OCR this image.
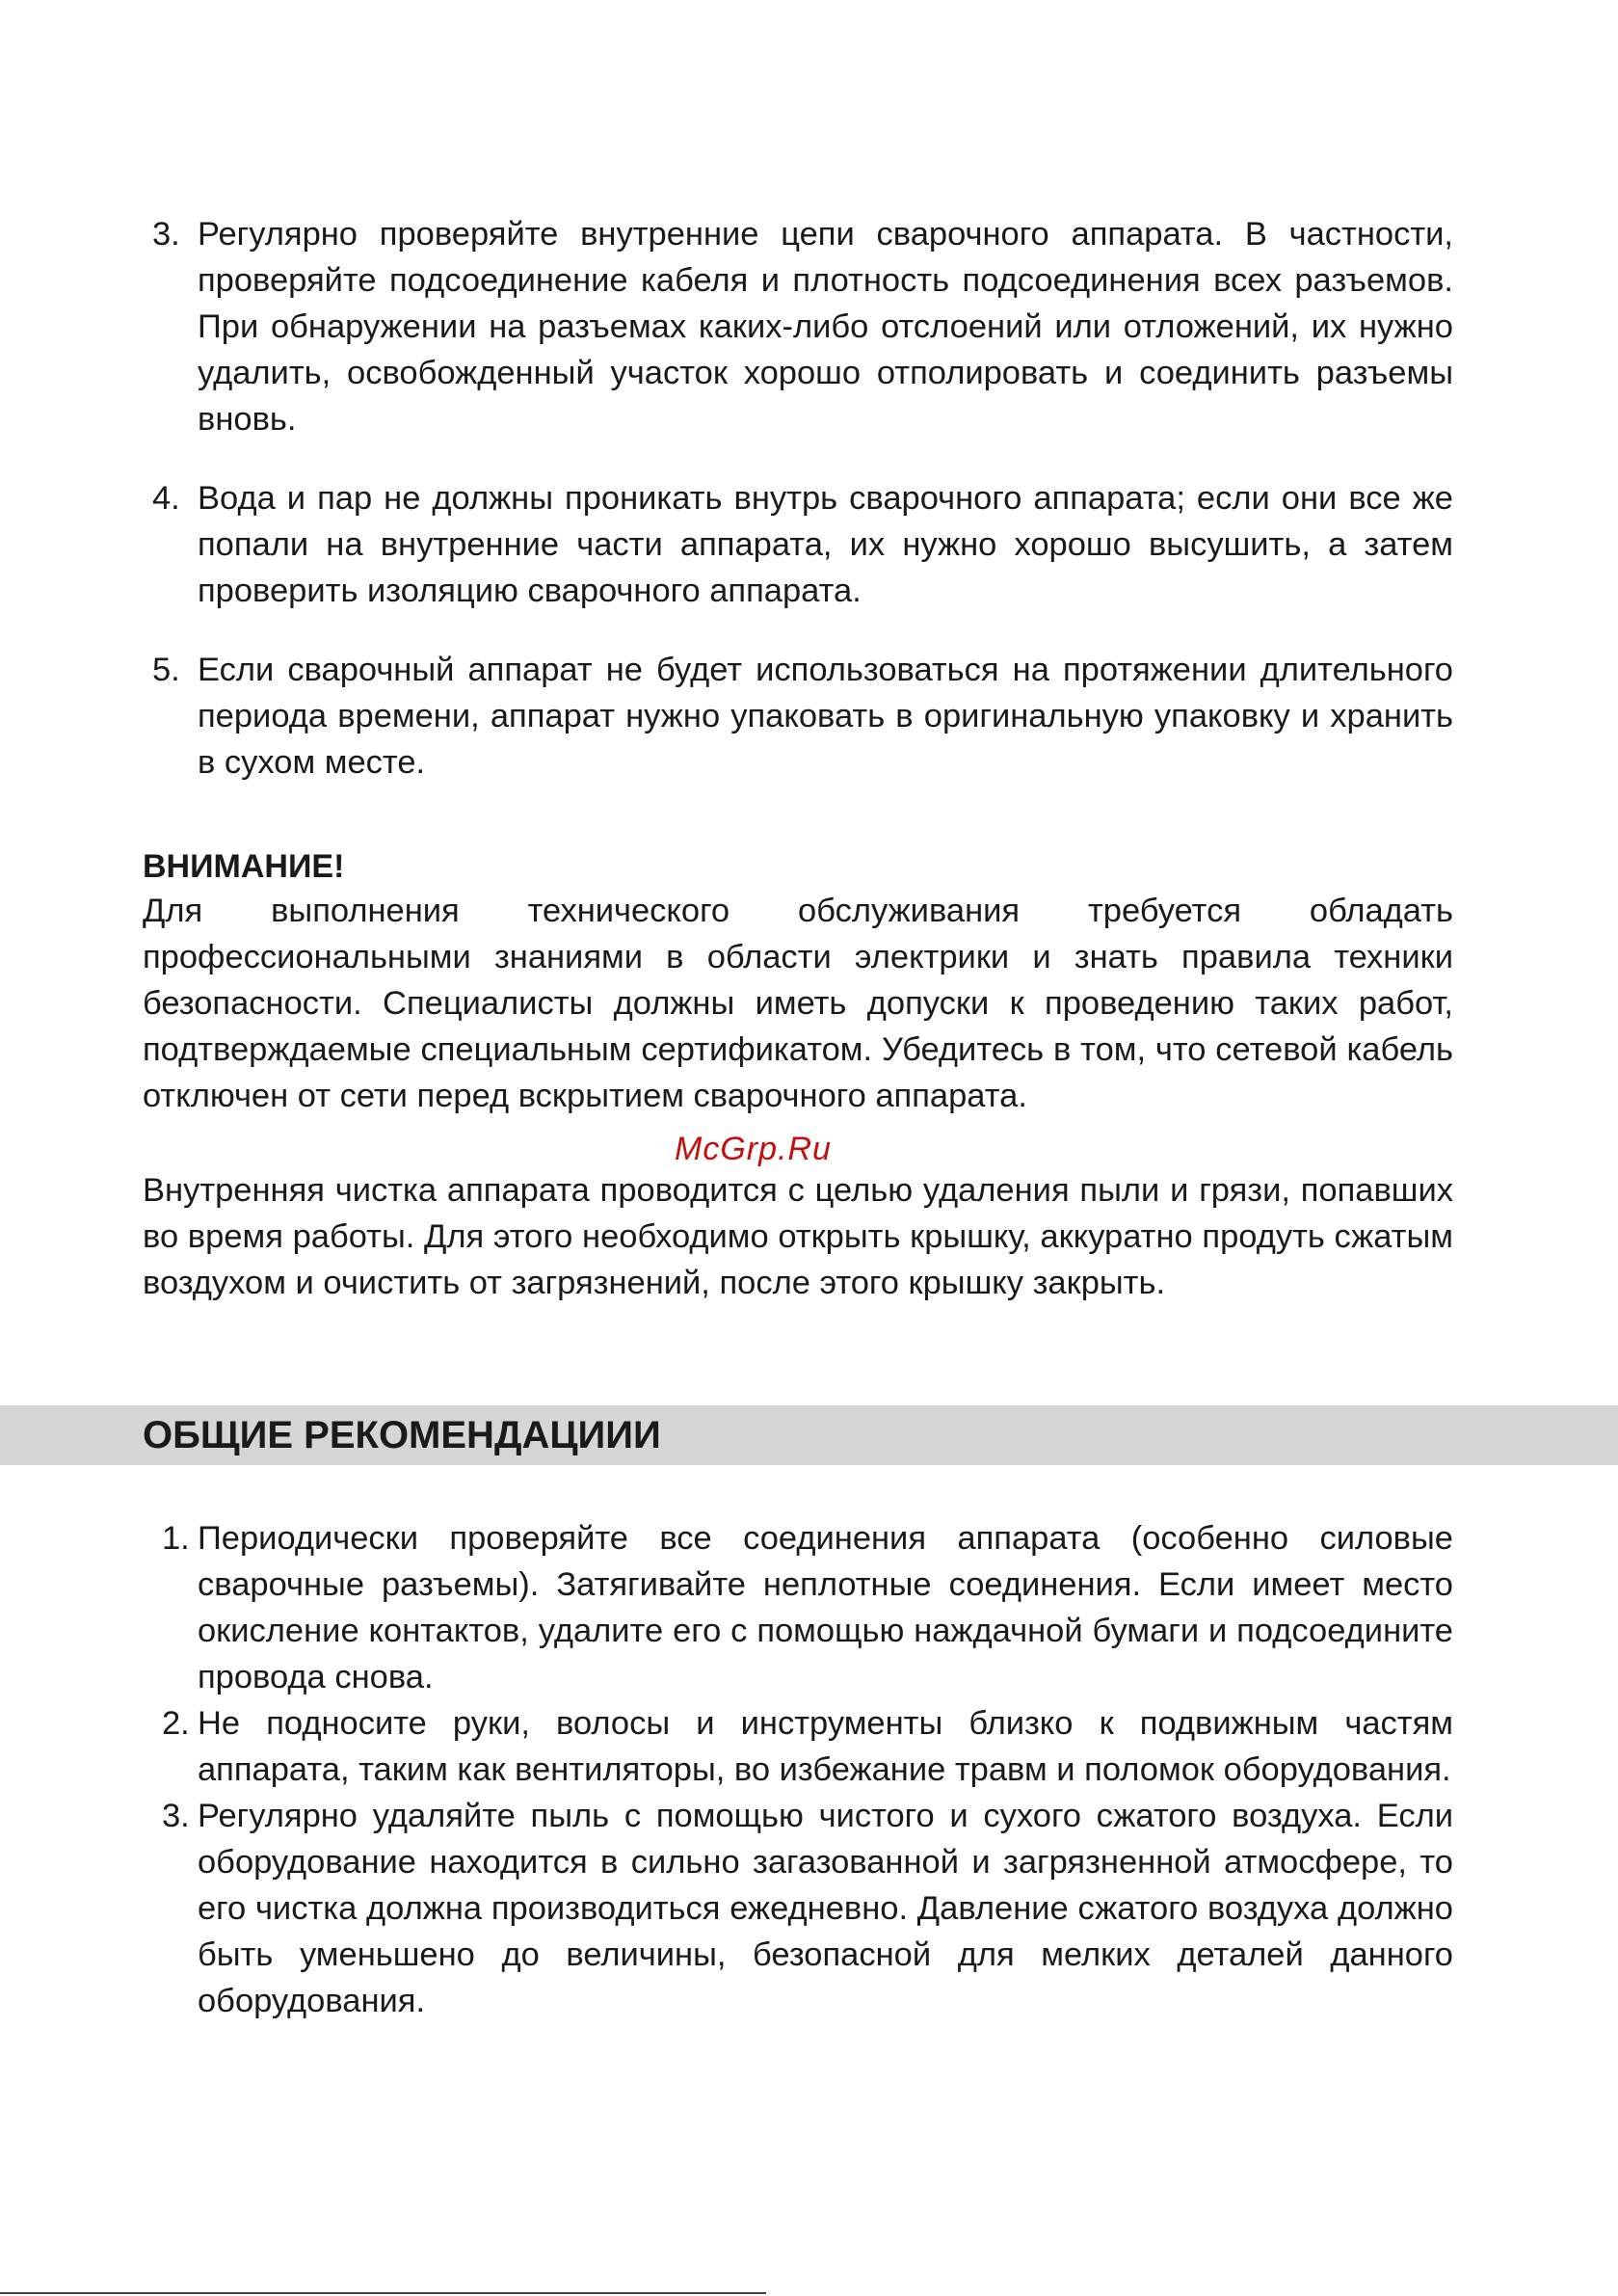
3. Регулярно проверяйте внутренние цепи сварочного аппарата. В частности, проверяйте подсоединение кабеля и плотность подсоединения всех разъемов. При обнаружении на разъемах каких-либо отслоений или отложений, их нужно удалить, освобожденный участок хорошо отполировать и соединить разъемы вновь.
4. Вода и пар не должны проникать внутрь сварочного аппарата; если они все же попали на внутренние части аппарата, их нужно хорошо высушить, а затем проверить изоляцию сварочного аппарата.
5. Если сварочный аппарат не будет использоваться на протяжении длительного периода времени, аппарат нужно упаковать в оригинальную упаковку и хранить в сухом месте.
ВНИМАНИЕ!
Для выполнения технического обслуживания требуется обладать профессиональными знаниями в области электрики и знать правила техники безопасности. Специалисты должны иметь допуски к проведению таких работ, подтверждаемые специальным сертификатом. Убедитесь в том, что сетевой кабель отключен от сети перед вскрытием сварочного аппарата.
McGrp.Ru
Внутренняя чистка аппарата проводится с целью удаления пыли и грязи, попавших во время работы. Для этого необходимо открыть крышку, аккуратно продуть сжатым воздухом и очистить от загрязнений, после этого крышку закрыть.
ОБЩИЕ РЕКОМЕНДАЦИИИ
1. Периодически проверяйте все соединения аппарата (особенно силовые сварочные разъемы). Затягивайте неплотные соединения. Если имеет место окисление контактов, удалите его с помощью наждачной бумаги и подсоедините провода снова.
2. Не подносите руки, волосы и инструменты близко к подвижным частям аппарата, таким как вентиляторы, во избежание травм и поломок оборудования.
3. Регулярно удаляйте пыль с помощью чистого и сухого сжатого воздуха. Если оборудование находится в сильно загазованной и загрязненной атмосфере, то его чистка должна производиться ежедневно. Давление сжатого воздуха должно быть уменьшено до величины, безопасной для мелких деталей данного оборудования.
